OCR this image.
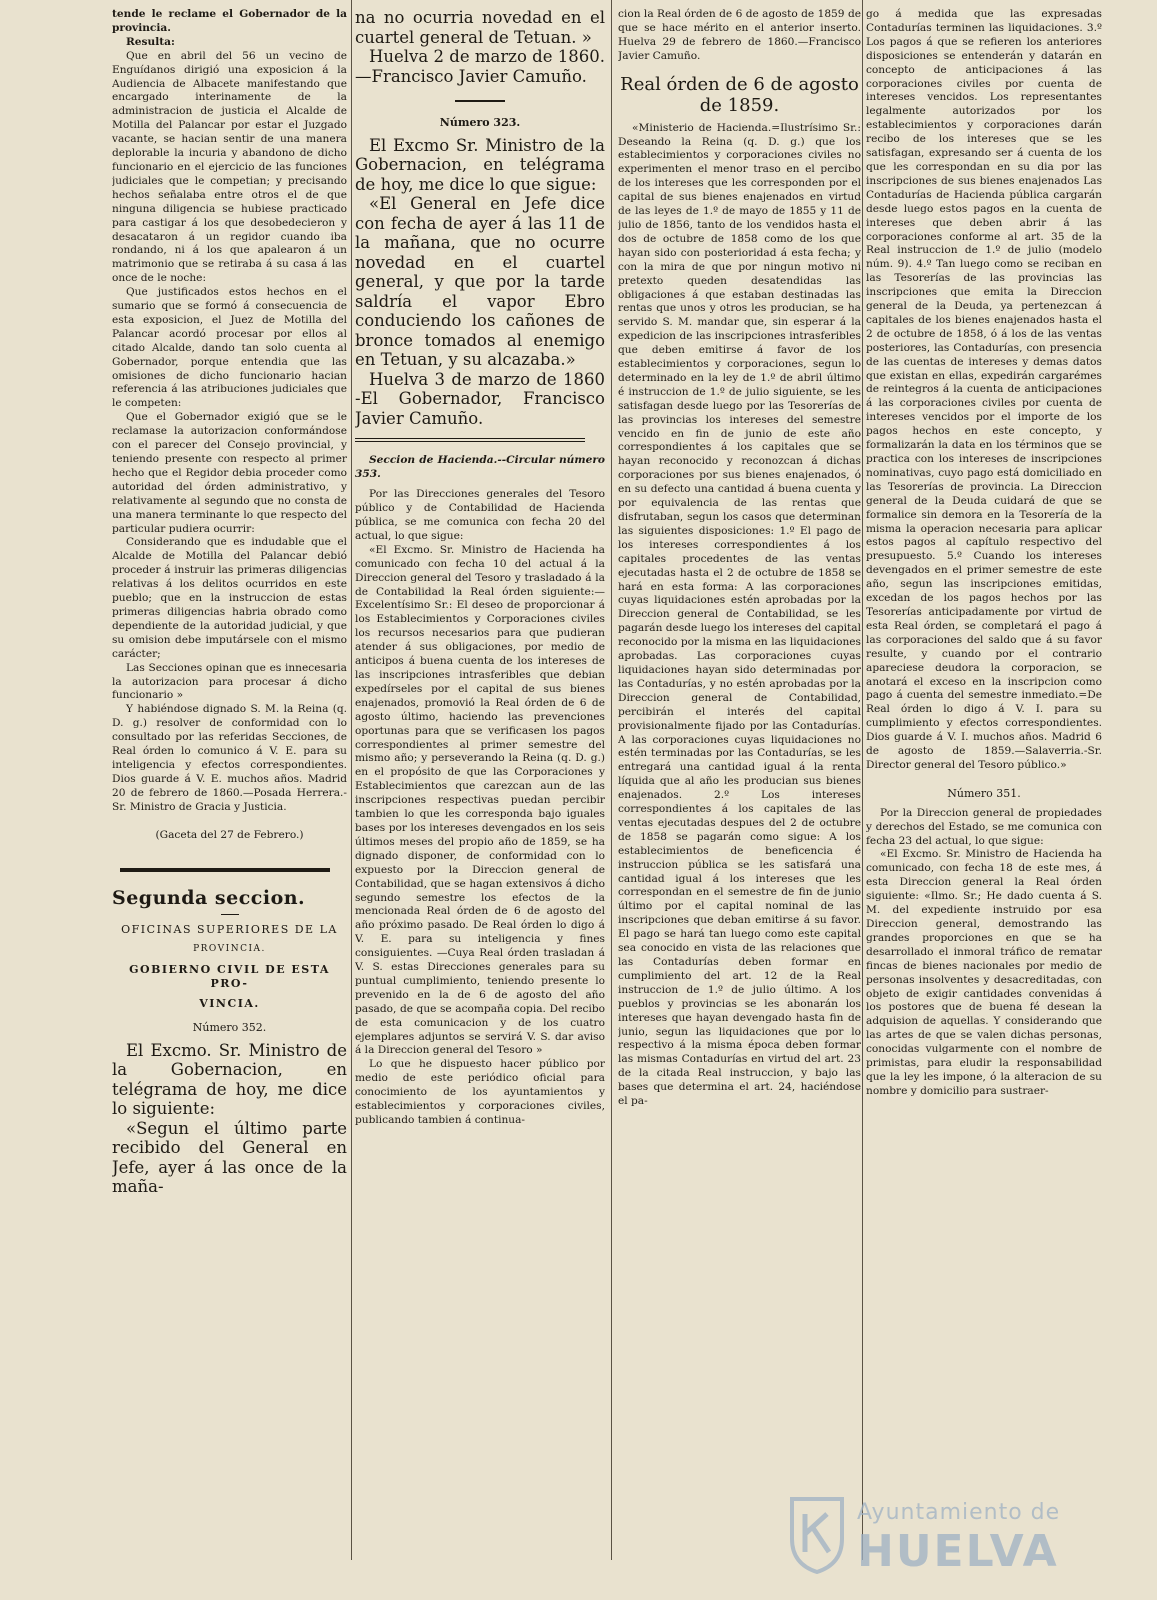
tende le reclame el Gobernador de la provincia.

Resulta:

Que en abril del 56 un vecino de Enguídanos dirigió una exposicion á la Audiencia de Albacete manifestando que encargado interinamente de la administracion de justicia el Alcalde de Motilla del Palancar por estar el Juzgado vacante, se hacian sentir de una manera deplorable la incuria y abandono de dicho funcionario en el ejercicio de las funciones judiciales que le competian; y precisando hechos señalaba entre otros el de que ninguna diligencia se hubiese practicado para castigar á los que desobedecieron y desacataron á un regidor cuando iba rondando, ni á los que apalearon á un matrimonio que se retiraba á su casa á las once de le noche:

Que justificados estos hechos en el sumario que se formó á consecuencia de esta exposicion, el Juez de Motilla del Palancar acordó procesar por ellos al citado Alcalde, dando tan solo cuenta al Gobernador, porque entendia que las omisiones de dicho funcionario hacian referencia á las atribuciones judiciales que le competen:

Que el Gobernador exigió que se le reclamase la autorizacion conformándose con el parecer del Consejo provincial, y teniendo presente con respecto al primer hecho que el Regidor debia proceder como autoridad del órden administrativo, y relativamente al segundo que no consta de una manera terminante lo que respecto del particular pudiera ocurrir:

Considerando que es indudable que el Alcalde de Motilla del Palancar debió proceder á instruir las primeras diligencias relativas á los delitos ocurridos en este pueblo; que en la instruccion de estas primeras diligencias habria obrado como dependiente de la autoridad judicial, y que su omision debe imputársele con el mismo carácter;

Las Secciones opinan que es innecesaria la autorizacion para procesar á dicho funcionario »

Y habiéndose dignado S. M. la Reina (q. D. g.) resolver de conformidad con lo consultado por las referidas Secciones, de Real órden lo comunico á V. E. para su inteligencia y efectos correspondientes. Dios guarde á V. E. muchos años. Madrid 20 de febrero de 1860.—Posada Herrera.-Sr. Ministro de Gracia y Justicia.

(Gaceta del 27 de Febrero.)

Segunda seccion.
OFICINAS SUPERIORES DE LA
PROVINCIA.
GOBIERNO CIVIL DE ESTA PRO-
VINCIA.
Número 352.

El Excmo. Sr. Ministro de la Gobernacion, en telégrama de hoy, me dice lo siguiente:

«Segun el último parte recibido del General en Jefe, ayer á las once de la maña-

na no ocurria novedad en el cuartel general de Tetuan. »

Huelva 2 de marzo de 1860.—Francisco Javier Camuño.

Número 323.

El Excmo Sr. Ministro de la Gobernacion, en telégrama de hoy, me dice lo que sigue:

«El General en Jefe dice con fecha de ayer á las 11 de la mañana, que no ocurre novedad en el cuartel general, y que por la tarde saldría el vapor Ebro conduciendo los cañones de bronce tomados al enemigo en Tetuan, y su alcazaba.»

Huelva 3 de marzo de 1860 -El Gobernador, Francisco Javier Camuño.

Seccion de Hacienda.--Circular número 353.

Por las Direcciones generales del Tesoro público y de Contabilidad de Hacienda pública, se me comunica con fecha 20 del actual, lo que sigue:

«El Excmo. Sr. Ministro de Hacienda ha comunicado con fecha 10 del actual á la Direccion general del Tesoro y trasladado á la de Contabilidad la Real órden siguiente:—Excelentísimo Sr.: El deseo de proporcionar á los Establecimientos y Corporaciones civiles los recursos necesarios para que pudieran atender á sus obligaciones, por medio de anticipos á buena cuenta de los intereses de las inscripciones intrasferibles que debian expedírseles por el capital de sus bienes enajenados, promovió la Real órden de 6 de agosto último, haciendo las prevenciones oportunas para que se verificasen los pagos correspondientes al primer semestre del mismo año; y perseverando la Reina (q. D. g.) en el propósito de que las Corporaciones y Establecimientos que carezcan aun de las inscripciones respectivas puedan percibir tambien lo que les corresponda bajo iguales bases por los intereses devengados en los seis últimos meses del propio año de 1859, se ha dignado disponer, de conformidad con lo expuesto por la Direccion general de Contabilidad, que se hagan extensivos á dicho segundo semestre los efectos de la mencionada Real órden de 6 de agosto del año próximo pasado. De Real órden lo digo á V. E. para su inteligencia y fines consiguientes. —Cuya Real órden trasladan á V. S. estas Direcciones generales para su puntual cumplimiento, teniendo presente lo prevenido en la de 6 de agosto del año pasado, de que se acompaña copia. Del recibo de esta comunicacion y de los cuatro ejemplares adjuntos se servirá V. S. dar aviso á la Direccion general del Tesoro »

Lo que he dispuesto hacer público por medio de este periódico oficial para conocimiento de los ayuntamientos y establecimientos y corporaciones civiles, publicando tambien á continua-

cion la Real órden de 6 de agosto de 1859 de que se hace mérito en el anterior inserto. Huelva 29 de febrero de 1860.—Francisco Javier Camuño.

Real órden de 6 de agosto de 1859.

«Ministerio de Hacienda.=Ilustrísimo Sr.: Deseando la Reina (q. D. g.) que los establecimientos y corporaciones civiles no experimenten el menor traso en el percibo de los intereses que les corresponden por el capital de sus bienes enajenados en virtud de las leyes de 1.º de mayo de 1855 y 11 de julio de 1856, tanto de los vendidos hasta el dos de octubre de 1858 como de los que hayan sido con posterioridad á esta fecha; y con la mira de que por ningun motivo ni pretexto queden desatendidas las obligaciones á que estaban destinadas las rentas que unos y otros les producian, se ha servido S. M. mandar que, sin esperar á la expedicion de las inscripciones intrasferibles que deben emitirse á favor de los establecimientos y corporaciones, segun lo determinado en la ley de 1.º de abril último é instruccion de 1.º de julio siguiente, se les satisfagan desde luego por las Tesorerías de las provincias los intereses del semestre vencido en fin de junio de este año correspondientes á los capitales que se hayan reconocido y reconozcan á dichas corporaciones por sus bienes enajenados, ó en su defecto una cantidad á buena cuenta y por equivalencia de las rentas que disfrutaban, segun los casos que determinan las siguientes disposiciones: 1.º El pago de los intereses correspondientes á los capitales procedentes de las ventas ejecutadas hasta el 2 de octubre de 1858 se hará en esta forma: A las corporaciones cuyas liquidaciones estén aprobadas por la Direccion general de Contabilidad, se les pagarán desde luego los intereses del capital reconocido por la misma en las liquidaciones aprobadas. Las corporaciones cuyas liquidaciones hayan sido determinadas por las Contadurías, y no estén aprobadas por la Direccion general de Contabilidad, percibirán el interés del capital provisionalmente fijado por las Contadurías. A las corporaciones cuyas liquidaciones no estén terminadas por las Contadurías, se les entregará una cantidad igual á la renta líquida que al año les producian sus bienes enajenados. 2.º Los intereses correspondientes á los capitales de las ventas ejecutadas despues del 2 de octubre de 1858 se pagarán como sigue: A los establecimientos de beneficencia é instruccion pública se les satisfará una cantidad igual á los intereses que les correspondan en el semestre de fin de junio último por el capital nominal de las inscripciones que deban emitirse á su favor. El pago se hará tan luego como este capital sea conocido en vista de las relaciones que las Contadurías deben formar en cumplimiento del art. 12 de la Real instruccion de 1.º de julio último. A los pueblos y provincias se les abonarán los intereses que hayan devengado hasta fin de junio, segun las liquidaciones que por lo respectivo á la misma época deben formar las mismas Contadurías en virtud del art. 23 de la citada Real instruccion, y bajo las bases que determina el art. 24, haciéndose el pa-

go á medida que las expresadas Contadurías terminen las liquidaciones. 3.º Los pagos á que se refieren los anteriores disposiciones se entenderán y datarán en concepto de anticipaciones á las corporaciones civiles por cuenta de intereses vencidos. Los representantes legalmente autorizados por los establecimientos y corporaciones darán recibo de los intereses que se les satisfagan, expresando ser á cuenta de los que les correspondan en su dia por las inscripciones de sus bienes enajenados Las Contadurías de Hacienda pública cargarán desde luego estos pagos en la cuenta de intereses que deben abrir á las corporaciones conforme al art. 35 de la Real instruccion de 1.º de julio (modelo núm. 9). 4.º Tan luego como se reciban en las Tesorerías de las provincias las inscripciones que emita la Direccion general de la Deuda, ya pertenezcan á capitales de los bienes enajenados hasta el 2 de octubre de 1858, ó á los de las ventas posteriores, las Contadurías, con presencia de las cuentas de intereses y demas datos que existan en ellas, expedirán cargarémes de reintegros á la cuenta de anticipaciones á las corporaciones civiles por cuenta de intereses vencidos por el importe de los pagos hechos en este concepto, y formalizarán la data en los términos que se practica con los intereses de inscripciones nominativas, cuyo pago está domiciliado en las Tesorerías de provincia. La Direccion general de la Deuda cuidará de que se formalice sin demora en la Tesorería de la misma la operacion necesaria para aplicar estos pagos al capítulo respectivo del presupuesto. 5.º Cuando los intereses devengados en el primer semestre de este año, segun las inscripciones emitidas, excedan de los pagos hechos por las Tesorerías anticipadamente por virtud de esta Real órden, se completará el pago á las corporaciones del saldo que á su favor resulte, y cuando por el contrario apareciese deudora la corporacion, se anotará el exceso en la inscripcion como pago á cuenta del semestre inmediato.=De Real órden lo digo á V. I. para su cumplimiento y efectos correspondientes. Dios guarde á V. I. muchos años. Madrid 6 de agosto de 1859.—Salaverria.-Sr. Director general del Tesoro público.»

Número 351.

Por la Direccion general de propiedades y derechos del Estado, se me comunica con fecha 23 del actual, lo que sigue:

«El Excmo. Sr. Ministro de Hacienda ha comunicado, con fecha 18 de este mes, á esta Direccion general la Real órden siguiente: «Ilmo. Sr.; He dado cuenta á S. M. del expediente instruido por esa Direccion general, demostrando las grandes proporciones en que se ha desarrollado el inmoral tráfico de rematar fincas de bienes nacionales por medio de personas insolventes y desacreditadas, con objeto de exigir cantidades convenidas á los postores que de buena fé desean la adquision de aquellas. Y considerando que las artes de que se valen dichas personas, conocidas vulgarmente con el nombre de primistas, para eludir la responsabilidad que la ley les impone, ó la alteracion de su nombre y domicilio para sustraer-

Ayuntamiento de
HUELVA
